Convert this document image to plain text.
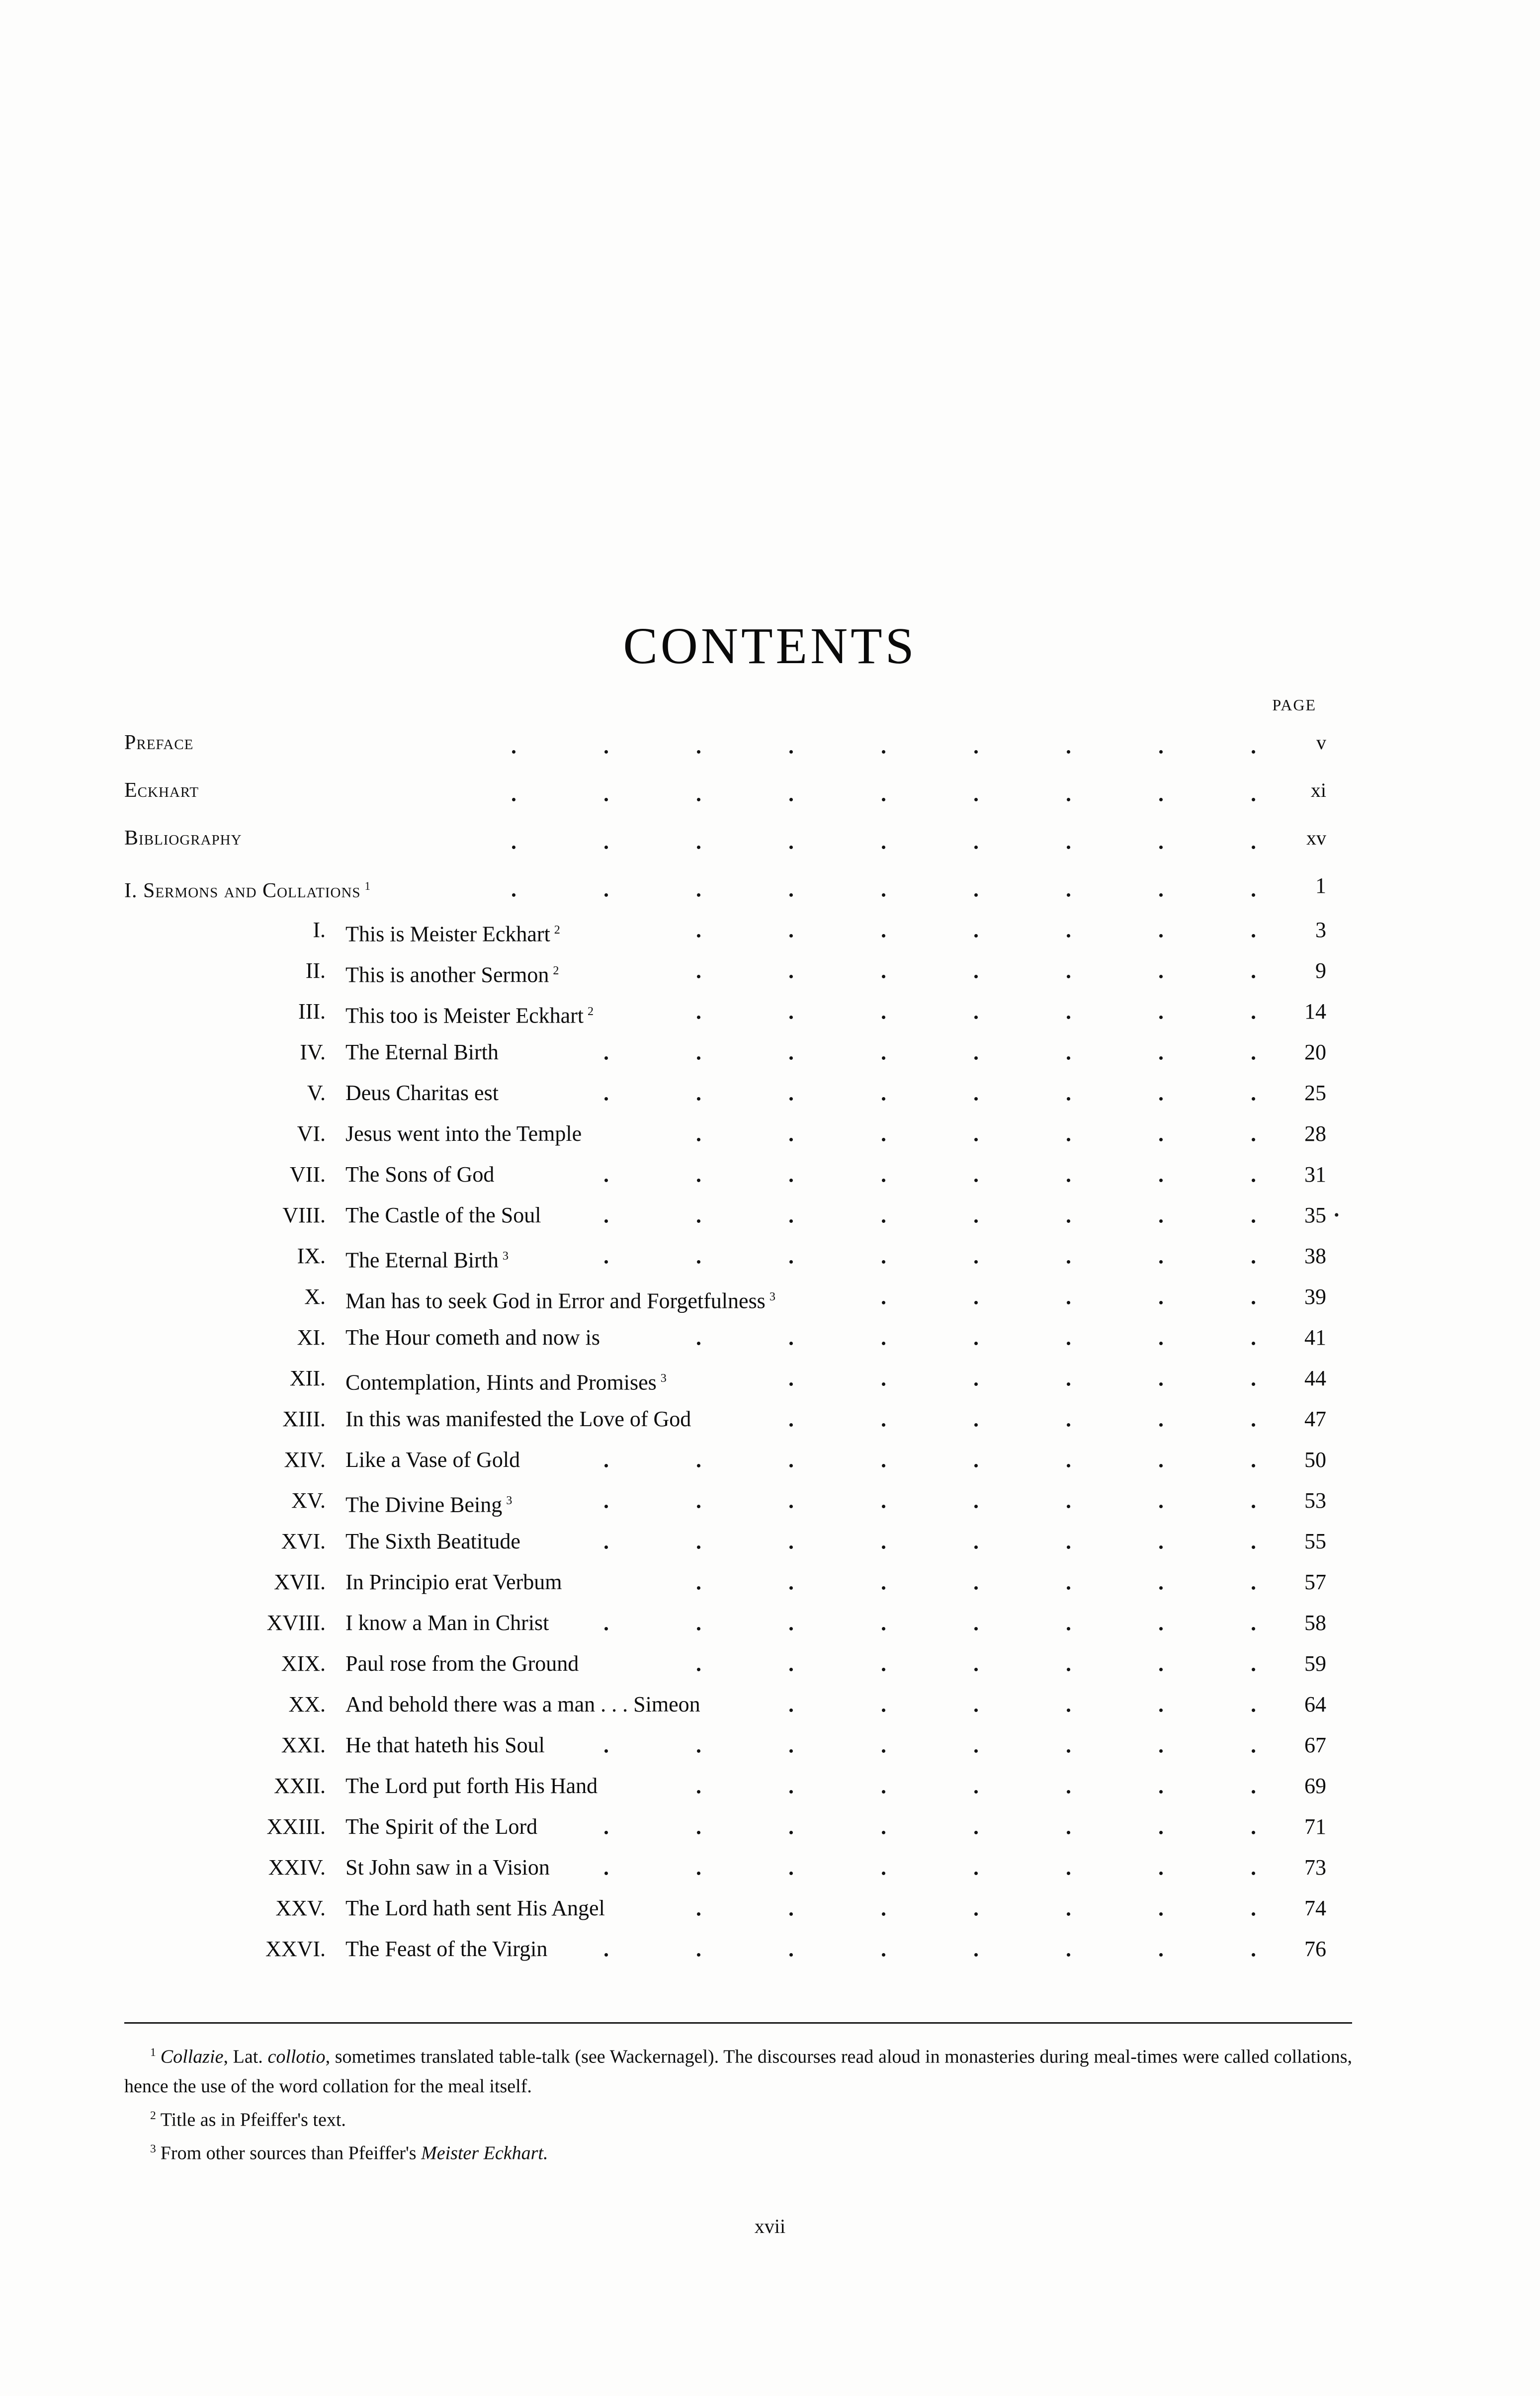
CONTENTS
PAGE
Preface	v
Eckhart	xi
Bibliography	xv
I. Sermons and Collations $^1$	1
I. This is Meister Eckhart $^2$	3
II. This is another Sermon $^2$	9
III. This too is Meister Eckhart $^2$	14
IV. The Eternal Birth	20
V. Deus Charitas est	25
VI. Jesus went into the Temple	28
VII. The Sons of God	31
VIII. The Castle of the Soul	35 •
IX. The Eternal Birth $^3$	38
X. Man has to seek God in Error and Forgetfulness $^3$	39
XI. The Hour cometh and now is	41
XII. Contemplation, Hints and Promises $^3$	44
XIII. In this was manifested the Love of God	47
XIV. Like a Vase of Gold	50
XV. The Divine Being $^3$	53
XVI. The Sixth Beatitude	55
XVII. In Principio erat Verbum	57
XVIII. I know a Man in Christ	58
XIX. Paul rose from the Ground	59
XX. And behold there was a man . . . Simeon	64
XXI. He that hateth his Soul	67
XXII. The Lord put forth His Hand	69
XXIII. The Spirit of the Lord	71
XXIV. St John saw in a Vision	73
XXV. The Lord hath sent His Angel	74
XXVI. The Feast of the Virgin	76

$^1$ Collazie, Lat. collotio, sometimes translated table-talk (see Wackernagel). The discourses read aloud in monasteries during meal-times were called collations, hence the use of the word collation for the meal itself.

$^2$ Title as in Pfeiffer's text.

$^3$ From other sources than Pfeiffer's Meister Eckhart.

xvii
